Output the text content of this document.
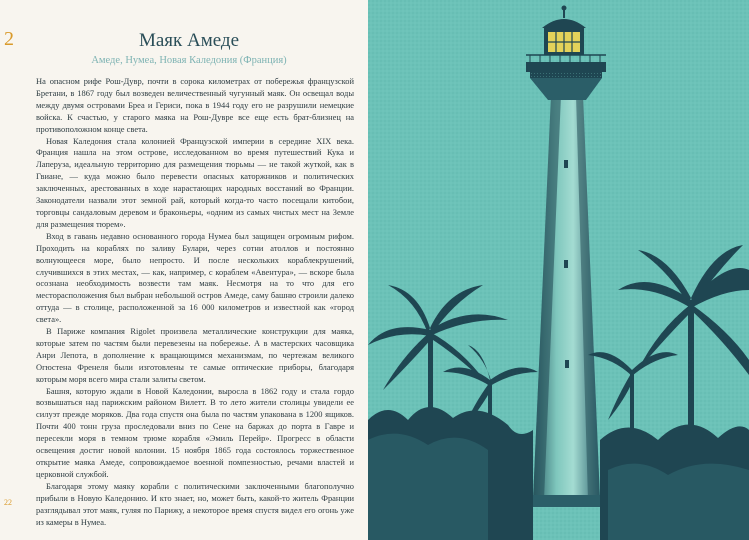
2	Маяк Амеде
Амеде, Нумеа, Новая Каледония (Франция)

На опасном рифе Рош-Дувр, почти в сорока километрах от побережья французской Бретани, в 1867 году был возведен величественный чугунный маяк. Он освещал воды между двумя островами Бреа и Гериси, пока в 1944 году его не разрушили немецкие войска. К счастью, у старого маяка на Рош-Дувре все еще есть брат-близнец на противоположном конце света.

Новая Каледония стала колонией Французской империи в середине XIX века. Франция нашла на этом острове, исследованном во время путешествий Кука и Лаперуза, идеальную территорию для размещения тюрьмы — не такой жуткой, как в Гвиане, — куда можно было перевести опасных каторжников и политических заключенных, арестованных в ходе нарастающих народных восстаний во Франции. Законодатели назвали этот земной рай, который когда-то часто посещали китобои, торговцы сандаловым деревом и браконьеры, «одним из самых чистых мест на Земле для размещения тюрем».

Вход в гавань недавно основанного города Нумеа был защищен огромным рифом. Проходить на кораблях по заливу Булари, через сотни атоллов и постоянно волнующееся море, было непросто. И после нескольких кораблекрушений, случившихся в этих местах, — как, например, с кораблем «Авентура», — вскоре была осознана необходимость возвести там маяк. Несмотря на то что для его месторасположения был выбран небольшой остров Амеде, саму башню строили далеко оттуда — в столице, расположенной за 16 000 километров и известной как «город света».

В Париже компания Rigolet произвела металлические конструкции для маяка, которые затем по частям были перевезены на побережье. А в мастерских часовщика Анри Лепота, в дополнение к вращающимся механизмам, по чертежам великого Огюстена Френеля были изготовлены те самые оптические приборы, благодаря которым моря всего мира стали залиты светом.

Башня, которую ждали в Новой Каледонии, выросла в 1862 году и стала гордо возвышаться над парижским районом Вилетт. В то лето жители столицы увидели ее силуэт прежде моряков. Два года спустя она была по частям упакована в 1200 ящиков. Почти 400 тонн груза проследовали вниз по Сене на баржах до порта в Гавре и пересекли моря в темном трюме корабля «Эмиль Перейр». Прогресс в области освещения достиг новой колонии. 15 ноября 1865 года состоялось торжественное открытие маяка Амеде, сопровождаемое военной помпезностью, речами властей и церковной службой.

Благодаря этому маяку корабли с политическими заключенными благополучно прибыли в Новую Каледонию. И кто знает, но, может быть, какой-то житель Франции разглядывал этот маяк, гуляя по Парижу, а некоторое время спустя видел его огонь уже из камеры в Нумеа.

22
